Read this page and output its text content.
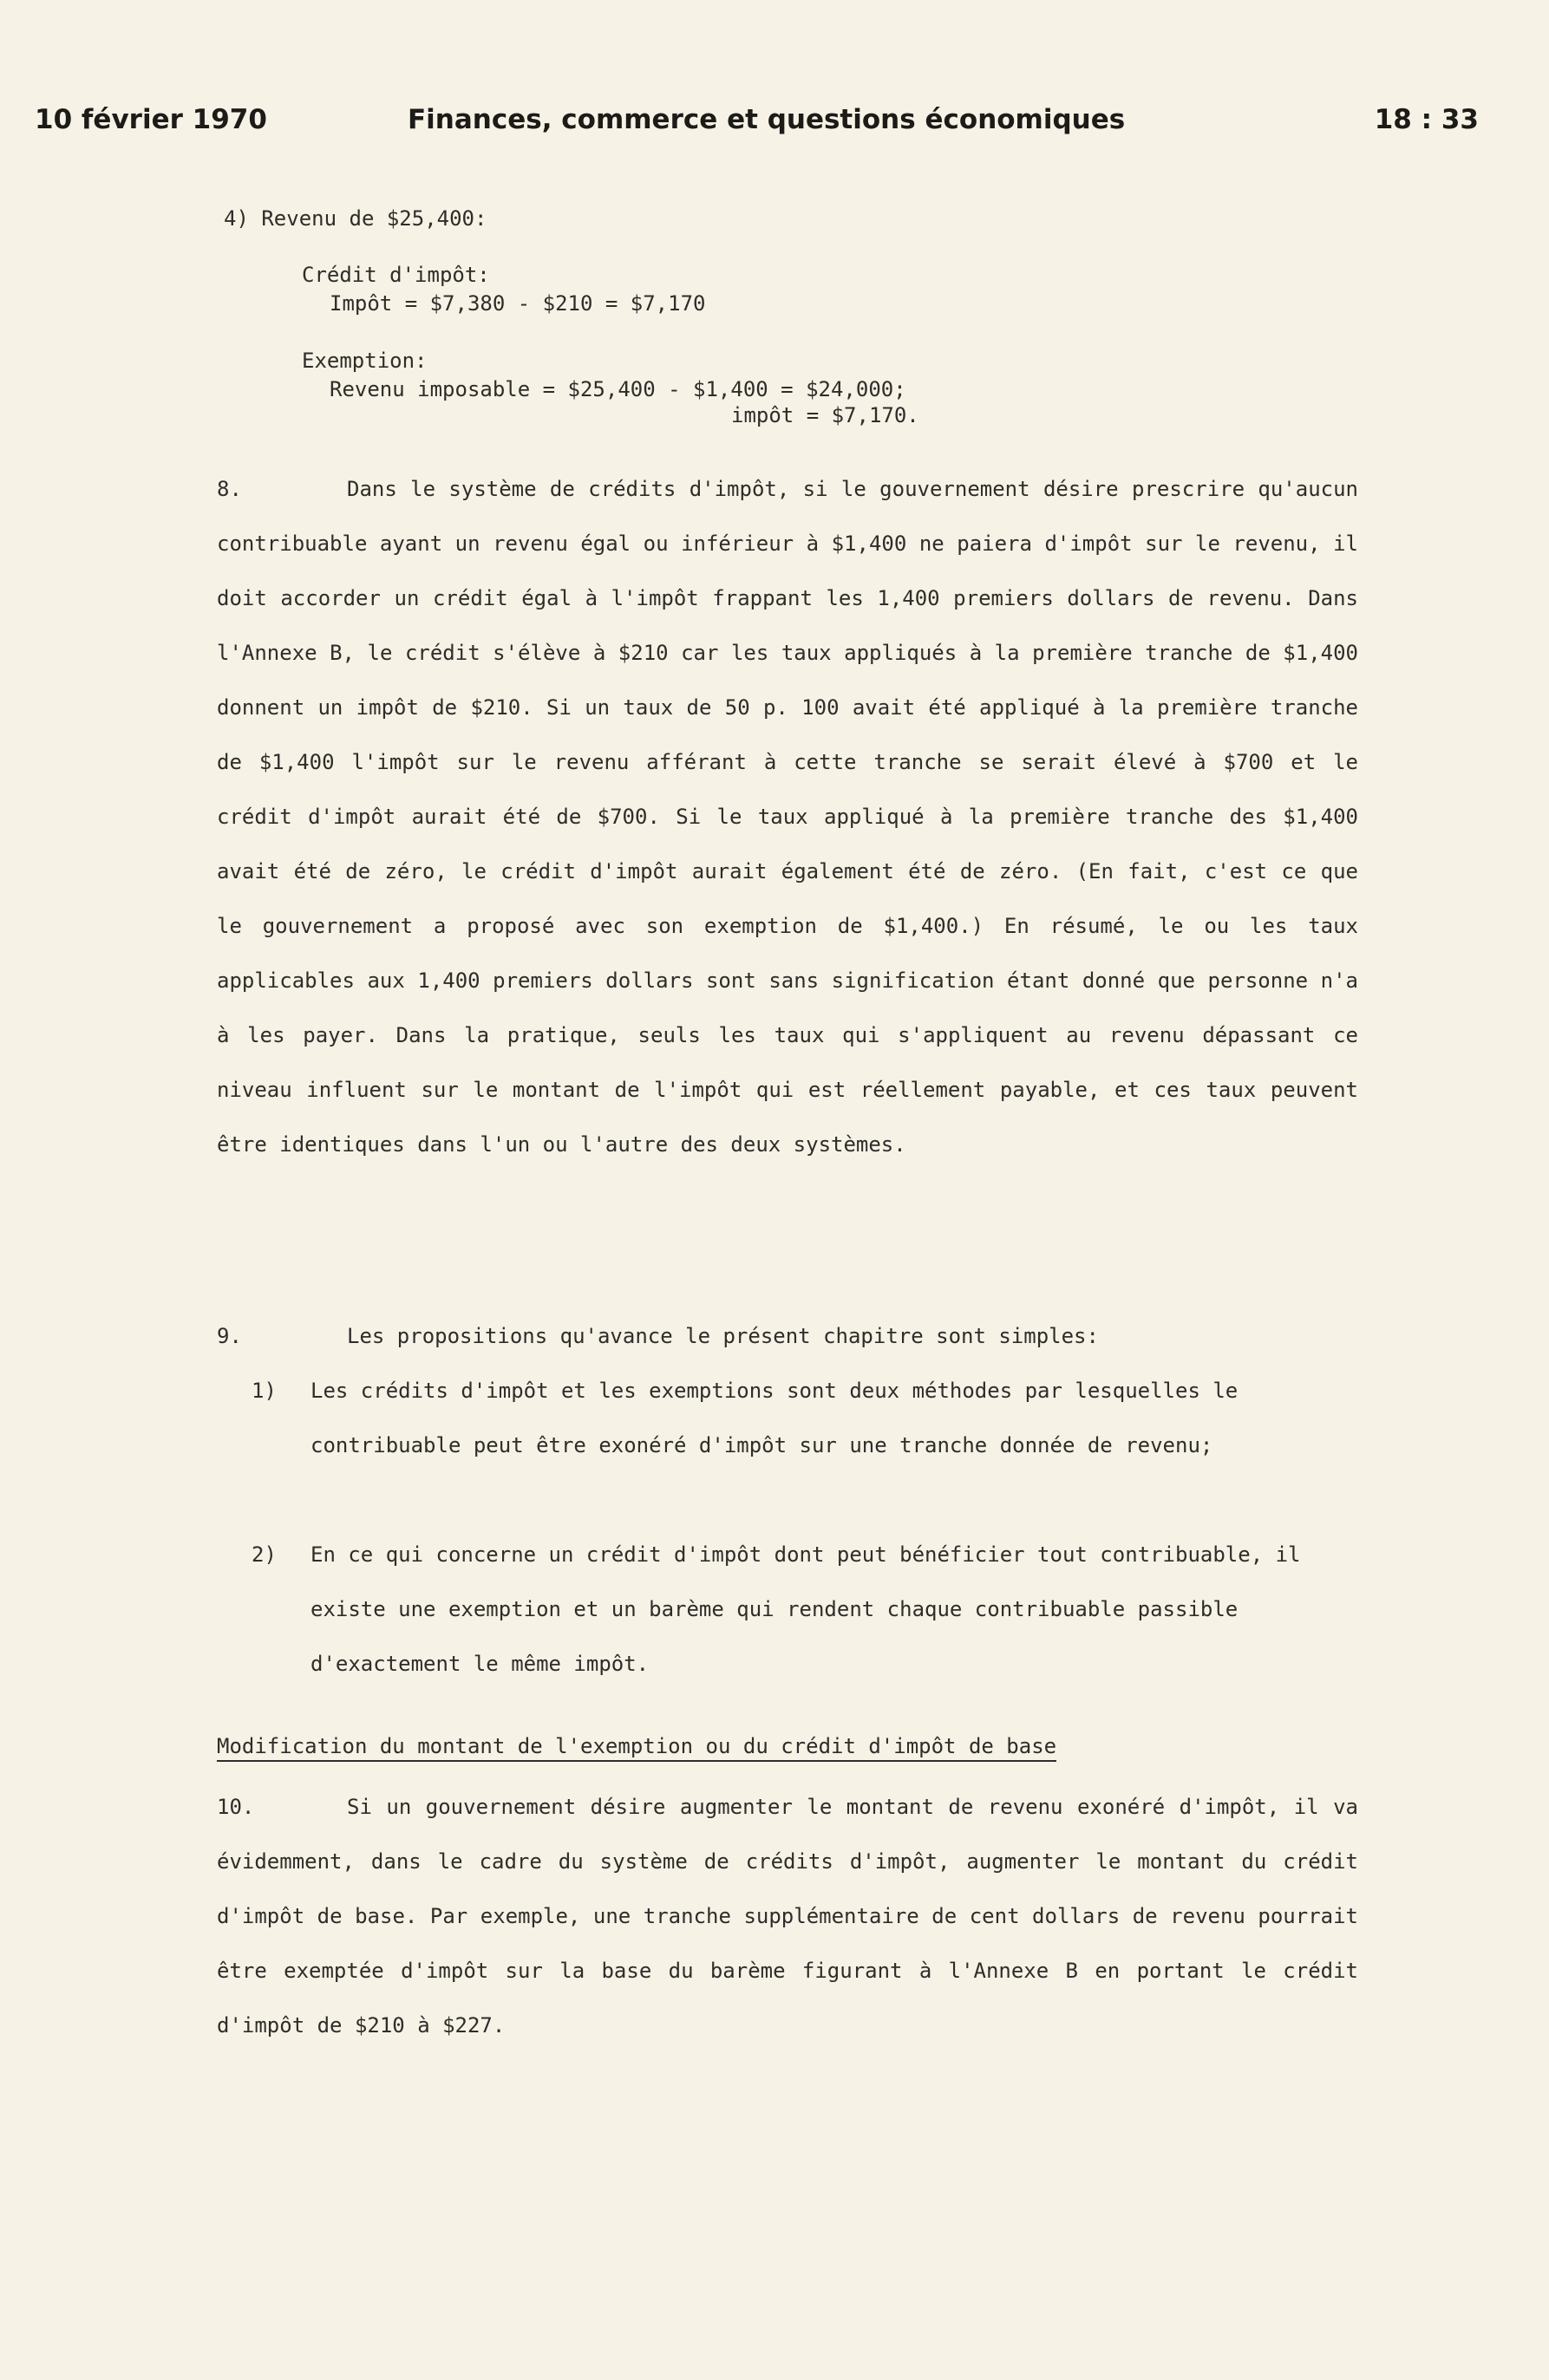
10 février 1970	Finances, commerce et questions économiques	18 : 33
4) Revenu de $25,400:
Crédit d'impôt:
Impôt = $7,380 - $210 = $7,170
Exemption:
Revenu imposable = $25,400 - $1,400 = $24,000;
impôt = $7,170.

8.	Dans le système de crédits d'impôt, si le gouvernement désire prescrire qu'aucun contribuable ayant un revenu égal ou inférieur à $1,400 ne paiera d'impôt sur le revenu, il doit accorder un crédit égal à l'impôt frappant les 1,400 premiers dollars de revenu. Dans l'Annexe B, le crédit s'élève à $210 car les taux appliqués à la première tranche de $1,400 donnent un impôt de $210. Si un taux de 50 p. 100 avait été appliqué à la première tranche de $1,400 l'impôt sur le revenu afférant à cette tranche se serait élevé à $700 et le crédit d'impôt aurait été de $700. Si le taux appliqué à la première tranche des $1,400 avait été de zéro, le crédit d'impôt aurait également été de zéro. (En fait, c'est ce que le gouvernement a proposé avec son exemption de $1,400.) En résumé, le ou les taux applicables aux 1,400 premiers dollars sont sans signification étant donné que personne n'a à les payer. Dans la pratique, seuls les taux qui s'appliquent au revenu dépassant ce niveau influent sur le montant de l'impôt qui est réellement payable, et ces taux peuvent être identiques dans l'un ou l'autre des deux systèmes.

9.	Les propositions qu'avance le présent chapitre sont simples:

1) Les crédits d'impôt et les exemptions sont deux méthodes par lesquelles le contribuable peut être exonéré d'impôt sur une tranche donnée de revenu;

2) En ce qui concerne un crédit d'impôt dont peut bénéficier tout contribuable, il existe une exemption et un barème qui rendent chaque contribuable passible d'exactement le même impôt.

Modification du montant de l'exemption ou du crédit d'impôt de base

10.	Si un gouvernement désire augmenter le montant de revenu exonéré d'impôt, il va évidemment, dans le cadre du système de crédits d'impôt, augmenter le montant du crédit d'impôt de base. Par exemple, une tranche supplémentaire de cent dollars de revenu pourrait être exemptée d'impôt sur la base du barème figurant à l'Annexe B en portant le crédit d'impôt de $210 à $227.
